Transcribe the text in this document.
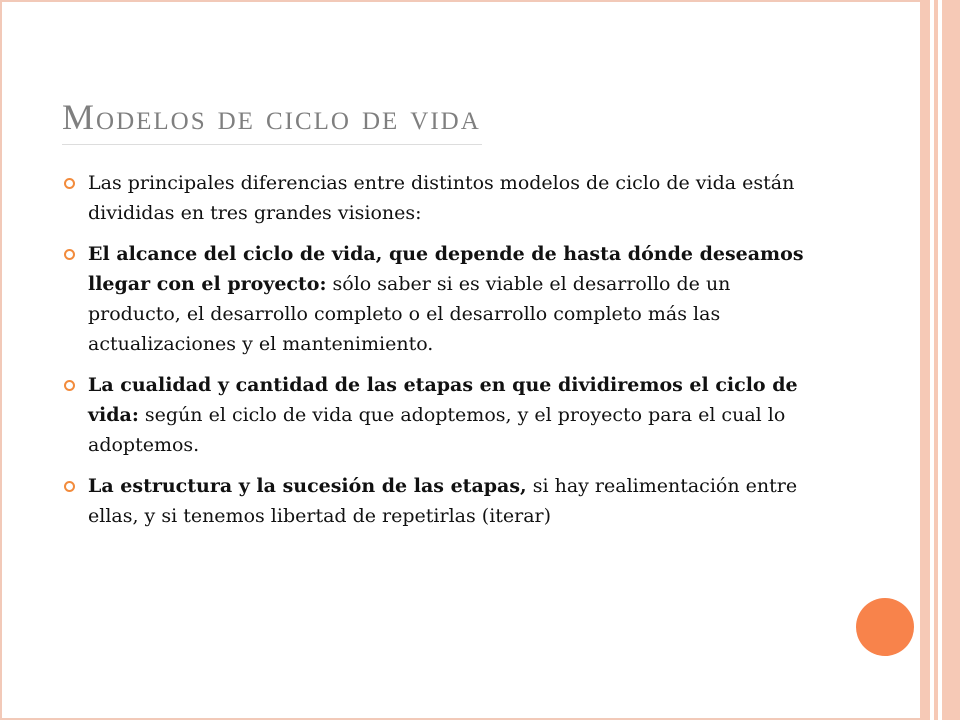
Modelos de ciclo de vida
Las principales diferencias entre distintos modelos de ciclo de vida están divididas en tres grandes visiones:
El alcance del ciclo de vida, que depende de hasta dónde deseamos llegar con el proyecto: sólo saber si es viable el desarrollo de un producto, el desarrollo completo o el desarrollo completo más las actualizaciones y el mantenimiento.
La cualidad y cantidad de las etapas en que dividiremos el ciclo de vida: según el ciclo de vida que adoptemos, y el proyecto para el cual lo adoptemos.
La estructura y la sucesión de las etapas, si hay realimentación entre ellas, y si tenemos libertad de repetirlas (iterar)
